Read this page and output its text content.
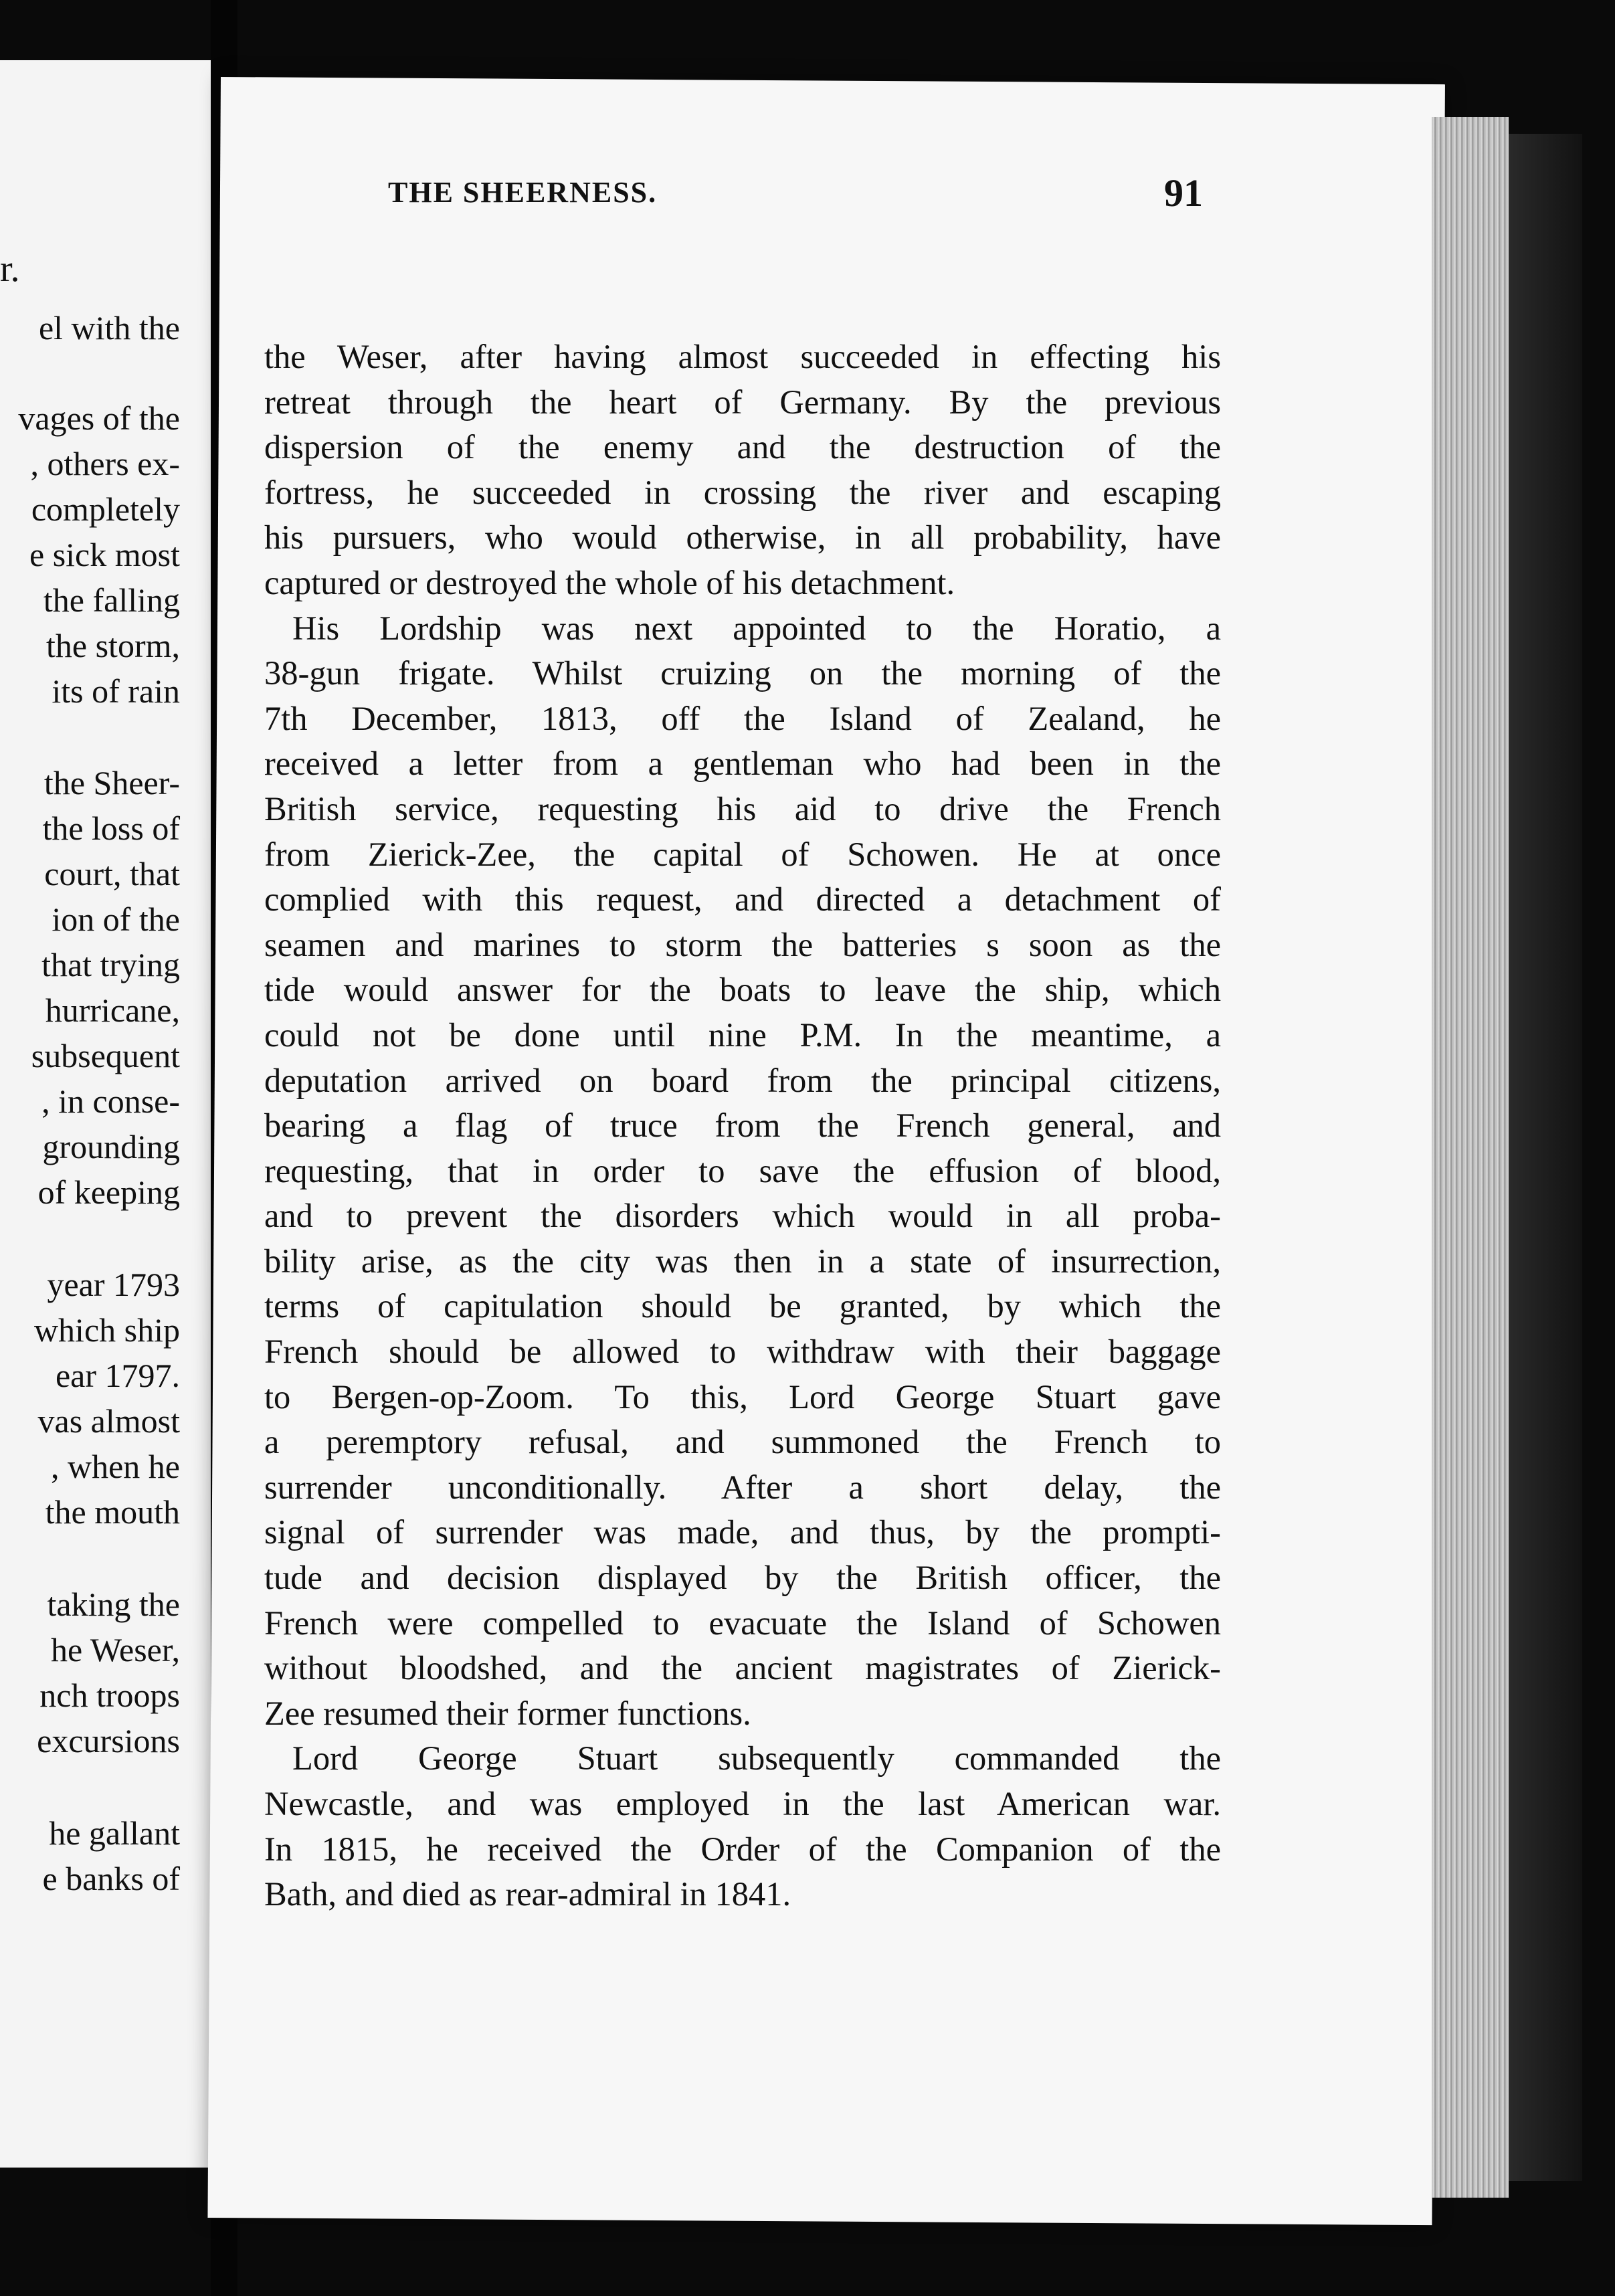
r.
el with the
vages of the
, others ex-
completely
e sick most
the falling
the storm,
its of rain
the Sheer-
the loss of
court, that
ion of the
that trying
hurricane,
subsequent
, in conse-
grounding
of keeping
year 1793
which ship
ear 1797.
vas almost
, when he
the mouth
taking the
he Weser,
nch troops
excursions
he gallant
e banks of
THE SHEERNESS.	91
the Weser, after having almost succeeded in effecting his
retreat through the heart of Germany. By the previous
dispersion of the enemy and the destruction of the
fortress, he succeeded in crossing the river and escaping
his pursuers, who would otherwise, in all probability, have
captured or destroyed the whole of his detachment.
His Lordship was next appointed to the Horatio, a
38-gun frigate. Whilst cruizing on the morning of the
7th December, 1813, off the Island of Zealand, he
received a letter from a gentleman who had been in the
British service, requesting his aid to drive the French
from Zierick-Zee, the capital of Schowen. He at once
complied with this request, and directed a detachment of
seamen and marines to storm the batteries s soon as the
tide would answer for the boats to leave the ship, which
could not be done until nine P.M. In the meantime, a
deputation arrived on board from the principal citizens,
bearing a flag of truce from the French general, and
requesting, that in order to save the effusion of blood,
and to prevent the disorders which would in all proba-
bility arise, as the city was then in a state of insurrection,
terms of capitulation should be granted, by which the
French should be allowed to withdraw with their baggage
to Bergen-op-Zoom. To this, Lord George Stuart gave
a peremptory refusal, and summoned the French to
surrender unconditionally. After a short delay, the
signal of surrender was made, and thus, by the prompti-
tude and decision displayed by the British officer, the
French were compelled to evacuate the Island of Schowen
without bloodshed, and the ancient magistrates of Zierick-
Zee resumed their former functions.
Lord George Stuart subsequently commanded the
Newcastle, and was employed in the last American war.
In 1815, he received the Order of the Companion of the
Bath, and died as rear-admiral in 1841.
